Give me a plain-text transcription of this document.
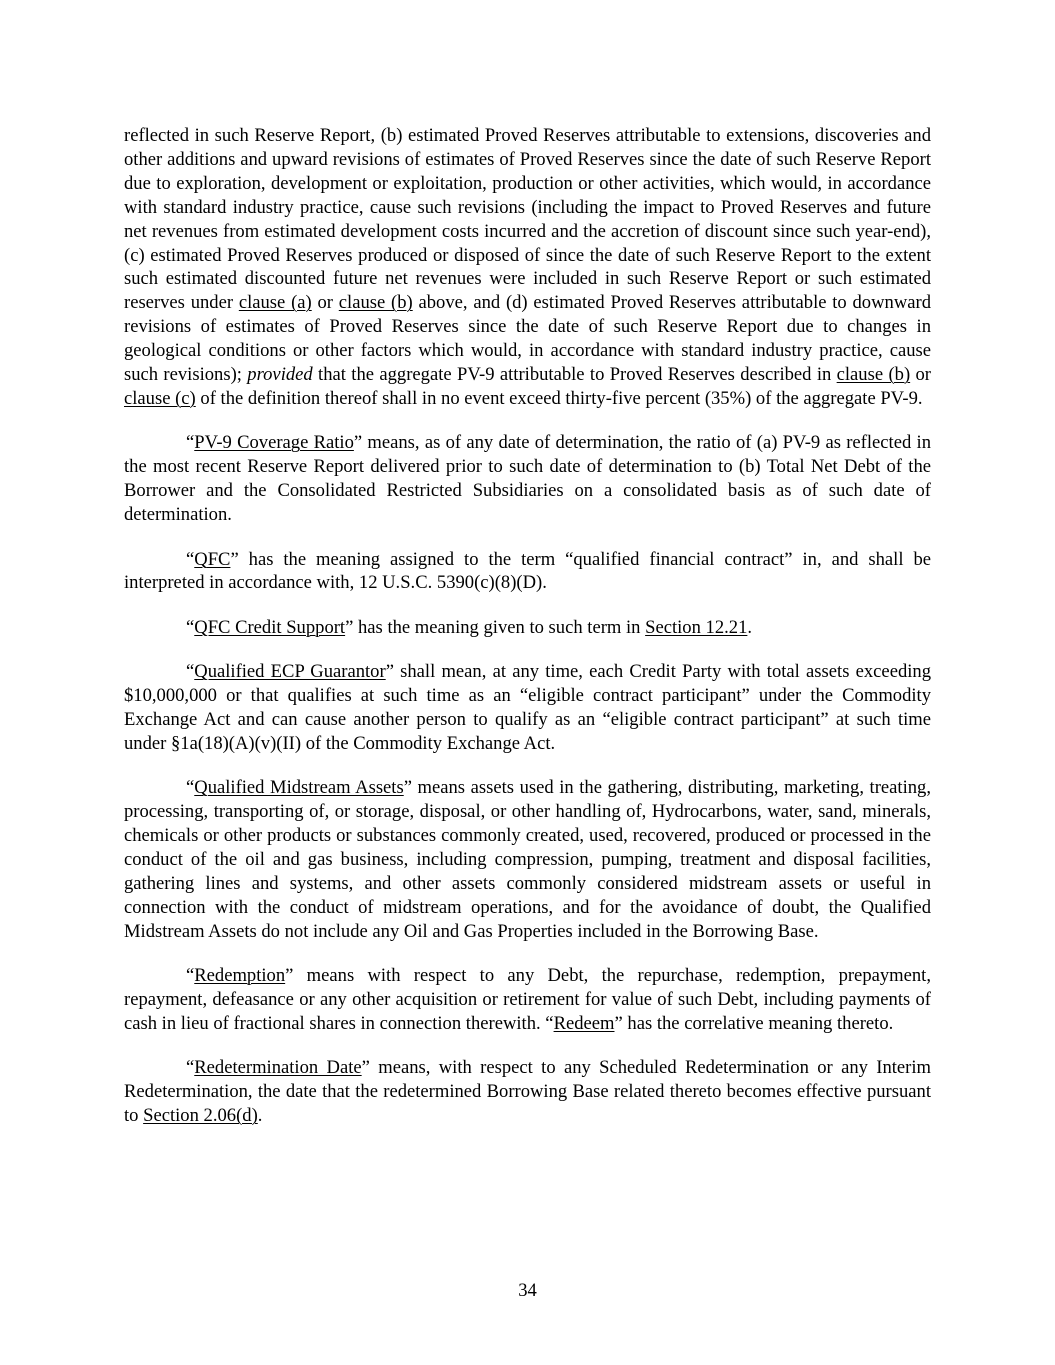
reflected in such Reserve Report, (b) estimated Proved Reserves attributable to extensions, discoveries and other additions and upward revisions of estimates of Proved Reserves since the date of such Reserve Report due to exploration, development or exploitation, production or other activities, which would, in accordance with standard industry practice, cause such revisions (including the impact to Proved Reserves and future net revenues from estimated development costs incurred and the accretion of discount since such year-end), (c) estimated Proved Reserves produced or disposed of since the date of such Reserve Report to the extent such estimated discounted future net revenues were included in such Reserve Report or such estimated reserves under clause (a) or clause (b) above, and (d) estimated Proved Reserves attributable to downward revisions of estimates of Proved Reserves since the date of such Reserve Report due to changes in geological conditions or other factors which would, in accordance with standard industry practice, cause such revisions); provided that the aggregate PV-9 attributable to Proved Reserves described in clause (b) or clause (c) of the definition thereof shall in no event exceed thirty-five percent (35%) of the aggregate PV-9.

“PV-9 Coverage Ratio” means, as of any date of determination, the ratio of (a) PV-9 as reflected in the most recent Reserve Report delivered prior to such date of determination to (b) Total Net Debt of the Borrower and the Consolidated Restricted Subsidiaries on a consolidated basis as of such date of determination.

“QFC” has the meaning assigned to the term “qualified financial contract” in, and shall be interpreted in accordance with, 12 U.S.C. 5390(c)(8)(D).

“QFC Credit Support” has the meaning given to such term in Section 12.21.

“Qualified ECP Guarantor” shall mean, at any time, each Credit Party with total assets exceeding $10,000,000 or that qualifies at such time as an “eligible contract participant” under the Commodity Exchange Act and can cause another person to qualify as an “eligible contract participant” at such time under §1a(18)(A)(v)(II) of the Commodity Exchange Act.

“Qualified Midstream Assets” means assets used in the gathering, distributing, marketing, treating, processing, transporting of, or storage, disposal, or other handling of, Hydrocarbons, water, sand, minerals, chemicals or other products or substances commonly created, used, recovered, produced or processed in the conduct of the oil and gas business, including compression, pumping, treatment and disposal facilities, gathering lines and systems, and other assets commonly considered midstream assets or useful in connection with the conduct of midstream operations, and for the avoidance of doubt, the Qualified Midstream Assets do not include any Oil and Gas Properties included in the Borrowing Base.

“Redemption” means with respect to any Debt, the repurchase, redemption, prepayment, repayment, defeasance or any other acquisition or retirement for value of such Debt, including payments of cash in lieu of fractional shares in connection therewith. “Redeem” has the correlative meaning thereto.

“Redetermination Date” means, with respect to any Scheduled Redetermination or any Interim Redetermination, the date that the redetermined Borrowing Base related thereto becomes effective pursuant to Section 2.06(d).

34
